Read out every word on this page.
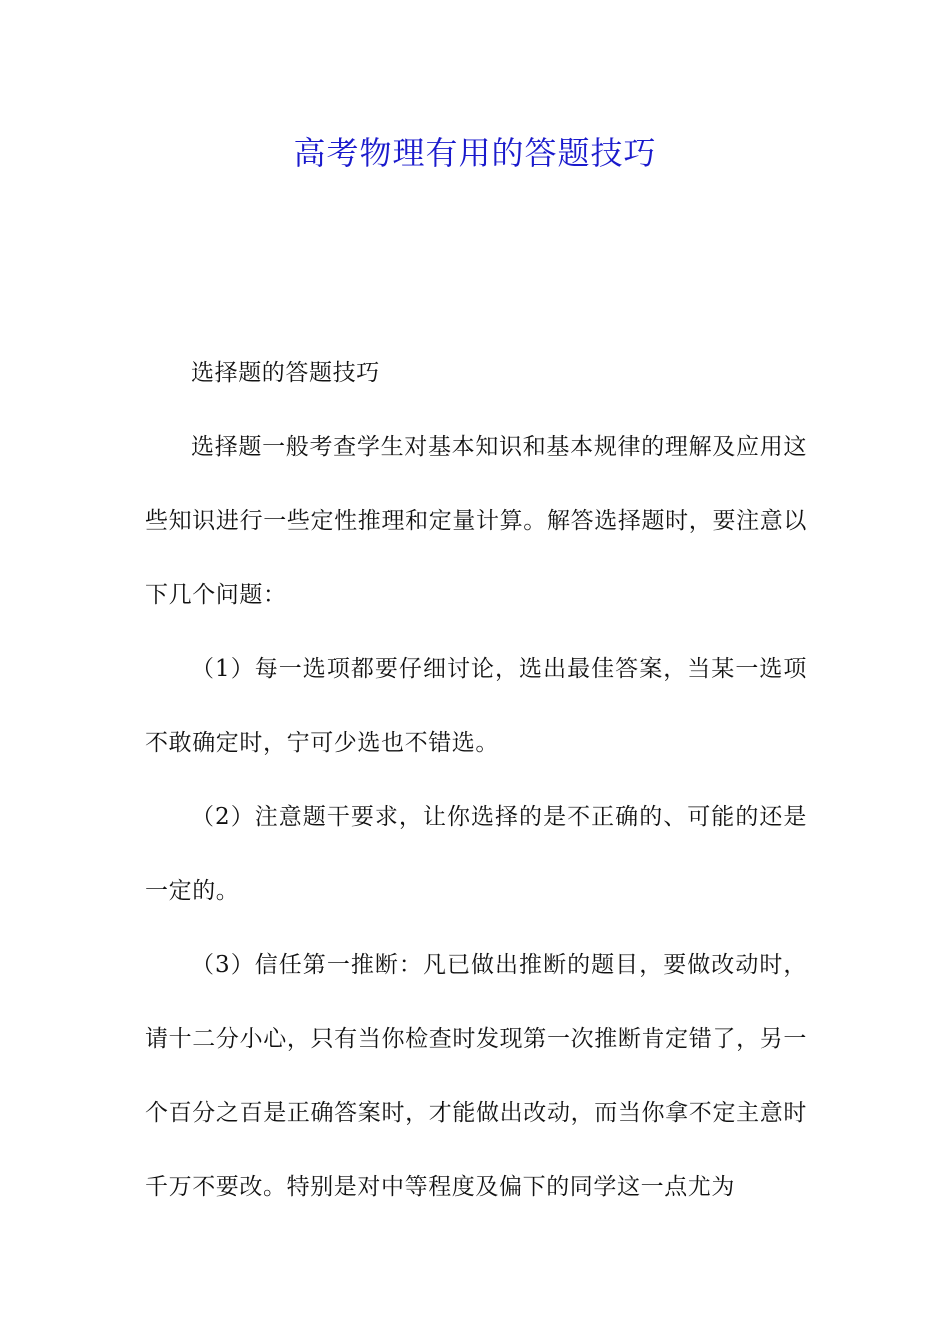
高考物理有用的答题技巧

选择题的答题技巧

选择题一般考查学生对基本知识和基本规律的理解及应用这些知识进行一些定性推理和定量计算。解答选择题时，要注意以下几个问题：

（1）每一选项都要仔细讨论，选出最佳答案，当某一选项不敢确定时，宁可少选也不错选。

（2）注意题干要求，让你选择的是不正确的、可能的还是一定的。

（3）信任第一推断：凡已做出推断的题目，要做改动时，请十二分小心，只有当你检查时发现第一次推断肯定错了，另一个百分之百是正确答案时，才能做出改动，而当你拿不定主意时千万不要改。特别是对中等程度及偏下的同学这一点尤为
